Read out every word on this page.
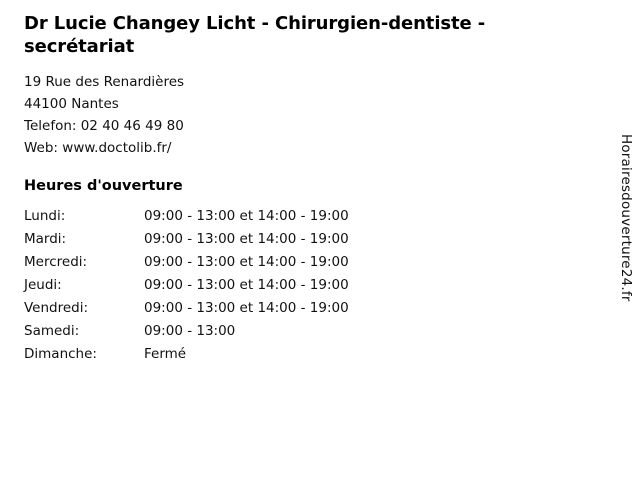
Dr Lucie Changey Licht - Chirurgien-dentiste - secrétariat
19 Rue des Renardières
44100 Nantes
Telefon: 02 40 46 49 80
Web: www.doctolib.fr/
Heures d'ouverture
Lundi:	09:00 - 13:00 et 14:00 - 19:00
Mardi:	09:00 - 13:00 et 14:00 - 19:00
Mercredi:	09:00 - 13:00 et 14:00 - 19:00
Jeudi:	09:00 - 13:00 et 14:00 - 19:00
Vendredi:	09:00 - 13:00 et 14:00 - 19:00
Samedi:	09:00 - 13:00
Dimanche:	Fermé
Horairesdouverture24.fr
